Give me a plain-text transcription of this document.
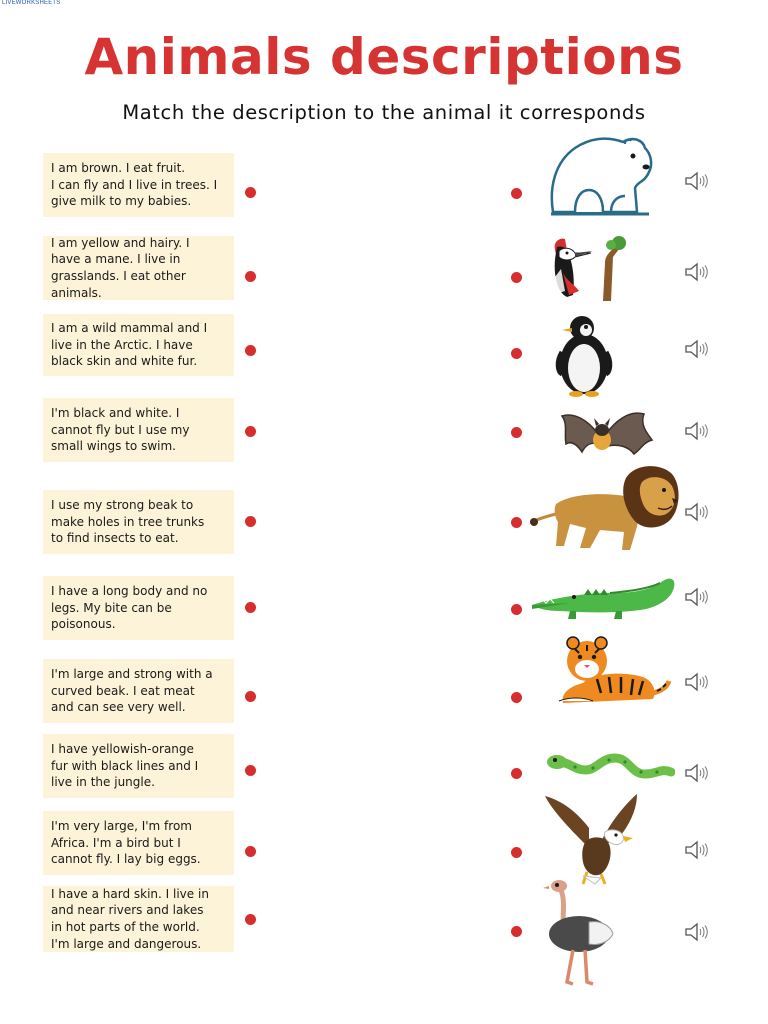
LIVEWORKSHEETS
Animals descriptions
Match the description to the animal it corresponds
I am brown. I eat fruit.
I can fly and I live in trees. I
give milk to my babies.
I am yellow and hairy. I
have a mane. I live in
grasslands. I eat other
animals.
I am a wild mammal and I
live in the Arctic. I have
black skin and white fur.
I'm black and white. I
cannot fly but I use my
small wings to swim.
I use my strong beak to
make holes in tree trunks
to find insects to eat.
I have a long body and no
legs. My bite can be
poisonous.
I'm large and strong with a
curved beak. I eat meat
and can see very well.
I have yellowish-orange
fur with black lines and I
live in the jungle.
I'm very large, I'm from
Africa. I'm a bird but I
cannot fly. I lay big eggs.
I have a hard skin. I live in
and near rivers and lakes
in hot parts of the world.
I'm large and dangerous.
